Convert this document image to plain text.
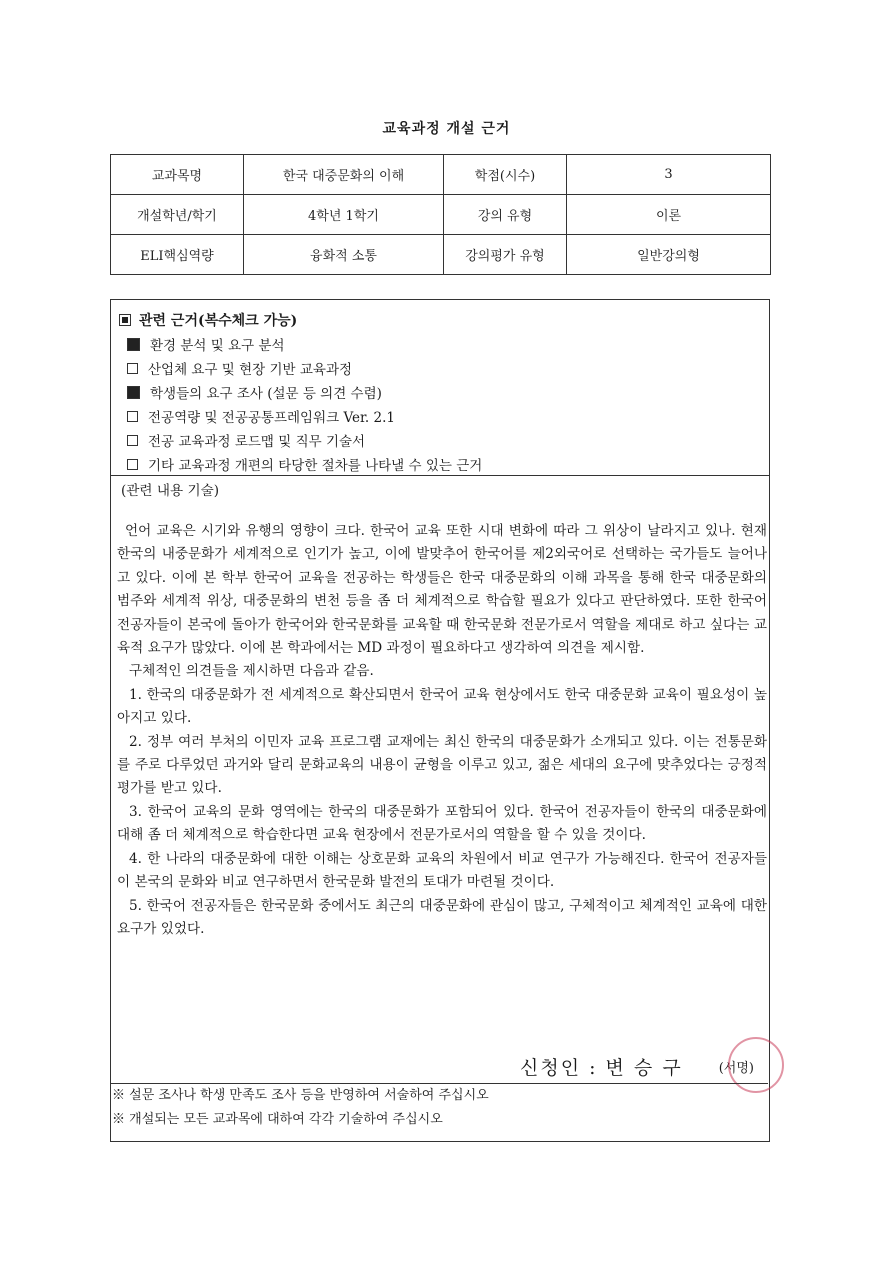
교육과정 개설 근거
교과목명	한국 대중문화의 이해	학점(시수)	3
개설학년/학기	4학년 1학기	강의 유형	이론
ELI핵심역량	융화적 소통	강의평가 유형	일반강의형
관련 근거(복수체크 가능)
환경 분석 및 요구 분석
산업체 요구 및 현장 기반 교육과정
학생들의 요구 조사 (설문 등 의견 수렴)
전공역량 및 전공공통프레임워크 Ver. 2.1
전공 교육과정 로드맵 및 직무 기술서
기타 교육과정 개편의 타당한 절차를 나타낼 수 있는 근거
(관련 내용 기술)

언어 교육은 시기와 유행의 영향이 크다. 한국어 교육 또한 시대 변화에 따라 그 위상이 날라지고 있나. 현재 한국의 내중문화가 세계적으로 인기가 높고, 이에 발맞추어 한국어를 제2외국어로 선택하는 국가들도 늘어나고 있다. 이에 본 학부 한국어 교육을 전공하는 학생들은 한국 대중문화의 이해 과목을 통해 한국 대중문화의 범주와 세계적 위상, 대중문화의 변천 등을 좀 더 체계적으로 학습할 필요가 있다고 판단하였다. 또한 한국어 전공자들이 본국에 돌아가 한국어와 한국문화를 교육할 때 한국문화 전문가로서 역할을 제대로 하고 싶다는 교육적 요구가 많았다. 이에 본 학과에서는 MD 과정이 필요하다고 생각하여 의견을 제시함.

구체적인 의견들을 제시하면 다음과 같음.

1. 한국의 대중문화가 전 세계적으로 확산되면서 한국어 교육 현상에서도 한국 대중문화 교육이 필요성이 높아지고 있다.

2. 정부 여러 부처의 이민자 교육 프로그램 교재에는 최신 한국의 대중문화가 소개되고 있다. 이는 전통문화를 주로 다루었던 과거와 달리 문화교육의 내용이 균형을 이루고 있고, 젊은 세대의 요구에 맞추었다는 긍정적 평가를 받고 있다.

3. 한국어 교육의 문화 영역에는 한국의 대중문화가 포함되어 있다. 한국어 전공자들이 한국의 대중문화에 대해 좀 더 체계적으로 학습한다면 교육 현장에서 전문가로서의 역할을 할 수 있을 것이다.

4. 한 나라의 대중문화에 대한 이해는 상호문화 교육의 차원에서 비교 연구가 가능해진다. 한국어 전공자들이 본국의 문화와 비교 연구하면서 한국문화 발전의 토대가 마련될 것이다.

5. 한국어 전공자들은 한국문화 중에서도 최근의 대중문화에 관심이 많고, 구체적이고 체계적인 교육에 대한 요구가 있었다.

신청인 : 변 승 구	(서명)
※ 설문 조사나 학생 만족도 조사 등을 반영하여 서술하여 주십시오
※ 개설되는 모든 교과목에 대하여 각각 기술하여 주십시오
